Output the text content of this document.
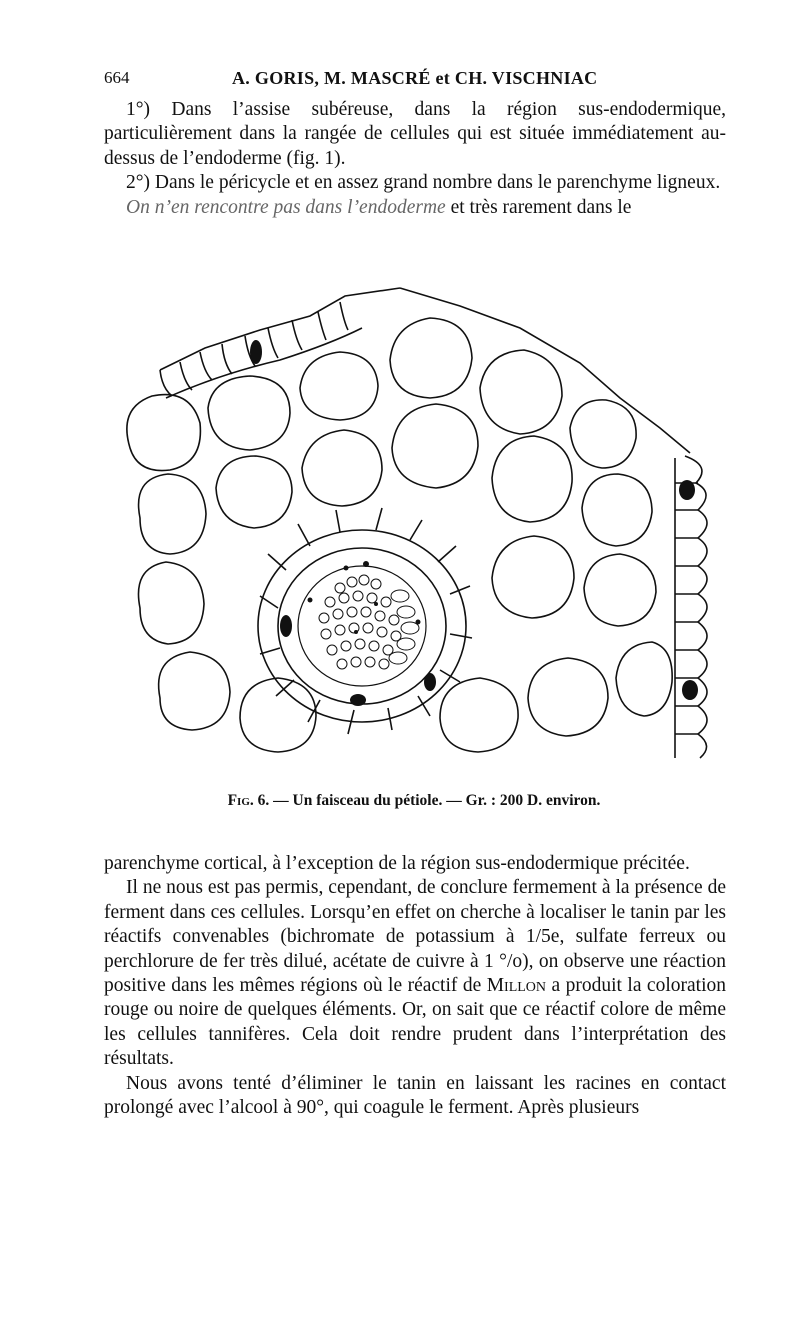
664	A. GORIS, M. MASCRÉ et CH. VISCHNIAC

1°) Dans l’assise subéreuse, dans la région sus-endodermique, particulièrement dans la rangée de cellules qui est située immédiatement au-dessus de l’endoderme (fig. 1).

2°) Dans le péricycle et en assez grand nombre dans le parenchyme ligneux.

On n’en rencontre pas dans l’endoderme et très rarement dans le

Fig. 6. — Un faisceau du pétiole. — Gr. : 200 D. environ.

parenchyme cortical, à l’exception de la région sus-endodermique précitée.

Il ne nous est pas permis, cependant, de conclure fermement à la présence de ferment dans ces cellules. Lorsqu’en effet on cherche à localiser le tanin par les réactifs convenables (bichromate de potassium à 1/5e, sulfate ferreux ou perchlorure de fer très dilué, acétate de cuivre à 1 °/o), on observe une réaction positive dans les mêmes régions où le réactif de Millon a produit la coloration rouge ou noire de quelques éléments. Or, on sait que ce réactif colore de même les cellules tannifères. Cela doit rendre prudent dans l’interprétation des résultats.

Nous avons tenté d’éliminer le tanin en laissant les racines en contact prolongé avec l’alcool à 90°, qui coagule le ferment. Après plusieurs
